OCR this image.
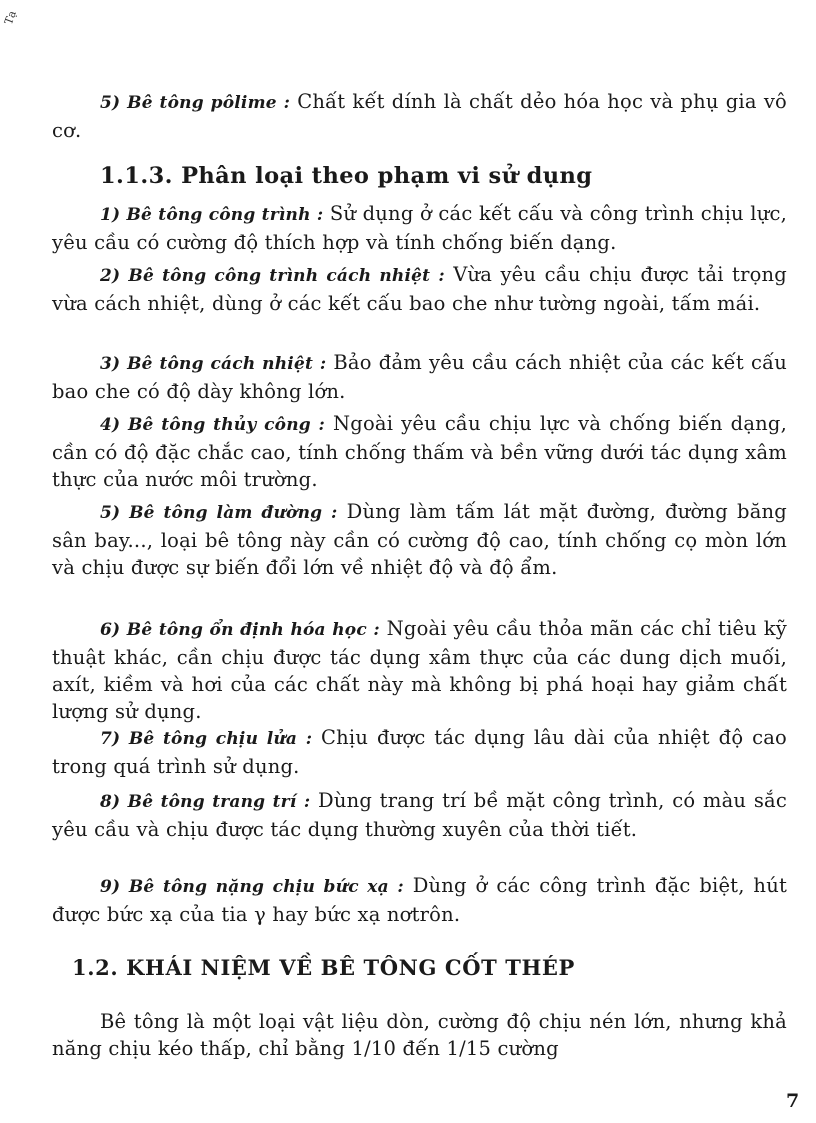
Tạ

5) Bê tông pôlime : Chất kết dính là chất dẻo hóa học và phụ gia vô cơ.

1.1.3. Phân loại theo phạm vi sử dụng

1) Bê tông công trình : Sử dụng ở các kết cấu và công trình chịu lực, yêu cầu có cường độ thích hợp và tính chống biến dạng.

2) Bê tông công trình cách nhiệt : Vừa yêu cầu chịu được tải trọng vừa cách nhiệt, dùng ở các kết cấu bao che như tường ngoài, tấm mái.

3) Bê tông cách nhiệt : Bảo đảm yêu cầu cách nhiệt của các kết cấu bao che có độ dày không lớn.

4) Bê tông thủy công : Ngoài yêu cầu chịu lực và chống biến dạng, cần có độ đặc chắc cao, tính chống thấm và bền vững dưới tác dụng xâm thực của nước môi trường.

5) Bê tông làm đường : Dùng làm tấm lát mặt đường, đường băng sân bay..., loại bê tông này cần có cường độ cao, tính chống cọ mòn lớn và chịu được sự biến đổi lớn về nhiệt độ và độ ẩm.

6) Bê tông ổn định hóa học : Ngoài yêu cầu thỏa mãn các chỉ tiêu kỹ thuật khác, cần chịu được tác dụng xâm thực của các dung dịch muối, axít, kiềm và hơi của các chất này mà không bị phá hoại hay giảm chất lượng sử dụng.

7) Bê tông chịu lửa : Chịu được tác dụng lâu dài của nhiệt độ cao trong quá trình sử dụng.

8) Bê tông trang trí : Dùng trang trí bề mặt công trình, có màu sắc yêu cầu và chịu được tác dụng thường xuyên của thời tiết.

9) Bê tông nặng chịu bức xạ : Dùng ở các công trình đặc biệt, hút được bức xạ của tia γ hay bức xạ nơtrôn.

1.2. KHÁI NIỆM VỀ BÊ TÔNG CỐT THÉP

Bê tông là một loại vật liệu dòn, cường độ chịu nén lớn, nhưng khả năng chịu kéo thấp, chỉ bằng 1/10 đến 1/15 cường

7
